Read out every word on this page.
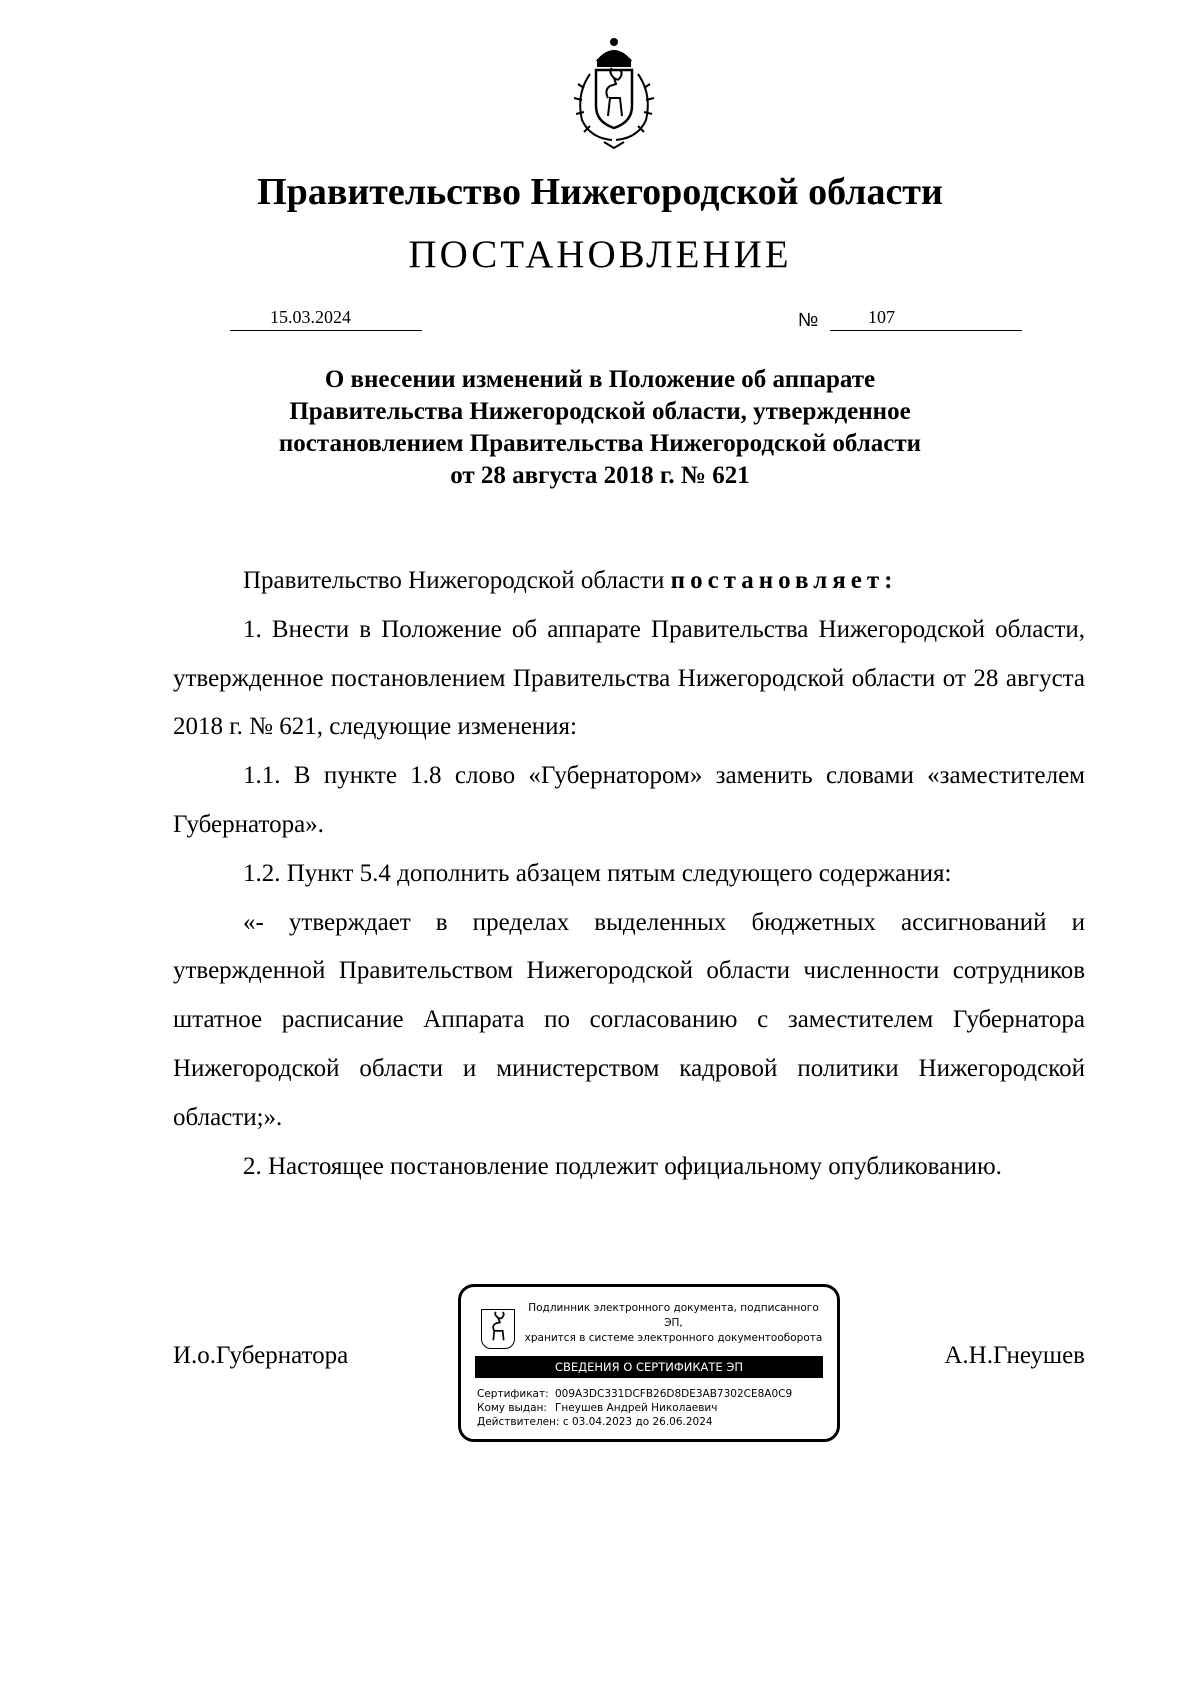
Правительство Нижегородской области
ПОСТАНОВЛЕНИЕ
15.03.2024	№	107
О внесении изменений в Положение об аппарате
Правительства Нижегородской области, утвержденное
постановлением Правительства Нижегородской области
от 28 августа 2018 г. № 621

Правительство Нижегородской области постановляет:

1. Внести в Положение об аппарате Правительства Нижегородской области, утвержденное постановлением Правительства Нижегородской области от 28 августа 2018 г. № 621, следующие изменения:

1.1. В пункте 1.8 слово «Губернатором» заменить словами «заместителем Губернатора».

1.2. Пункт 5.4 дополнить абзацем пятым следующего содержания:

«- утверждает в пределах выделенных бюджетных ассигнований и утвержденной Правительством Нижегородской области численности сотрудников штатное расписание Аппарата по согласованию с заместителем Губернатора Нижегородской области и министерством кадровой политики Нижегородской области;».

2. Настоящее постановление подлежит официальному опубликованию.

И.о.Губернатора	А.Н.Гнеушев
Подлинник электронного документа, подписанного ЭП,
хранится в системе электронного документооборота
СВЕДЕНИЯ О СЕРТИФИКАТЕ ЭП
Сертификат: 009A3DC331DCFB26D8DE3AB7302CE8A0C9
Кому выдан: Гнеушев Андрей Николаевич
Действителен: с 03.04.2023 до 26.06.2024
